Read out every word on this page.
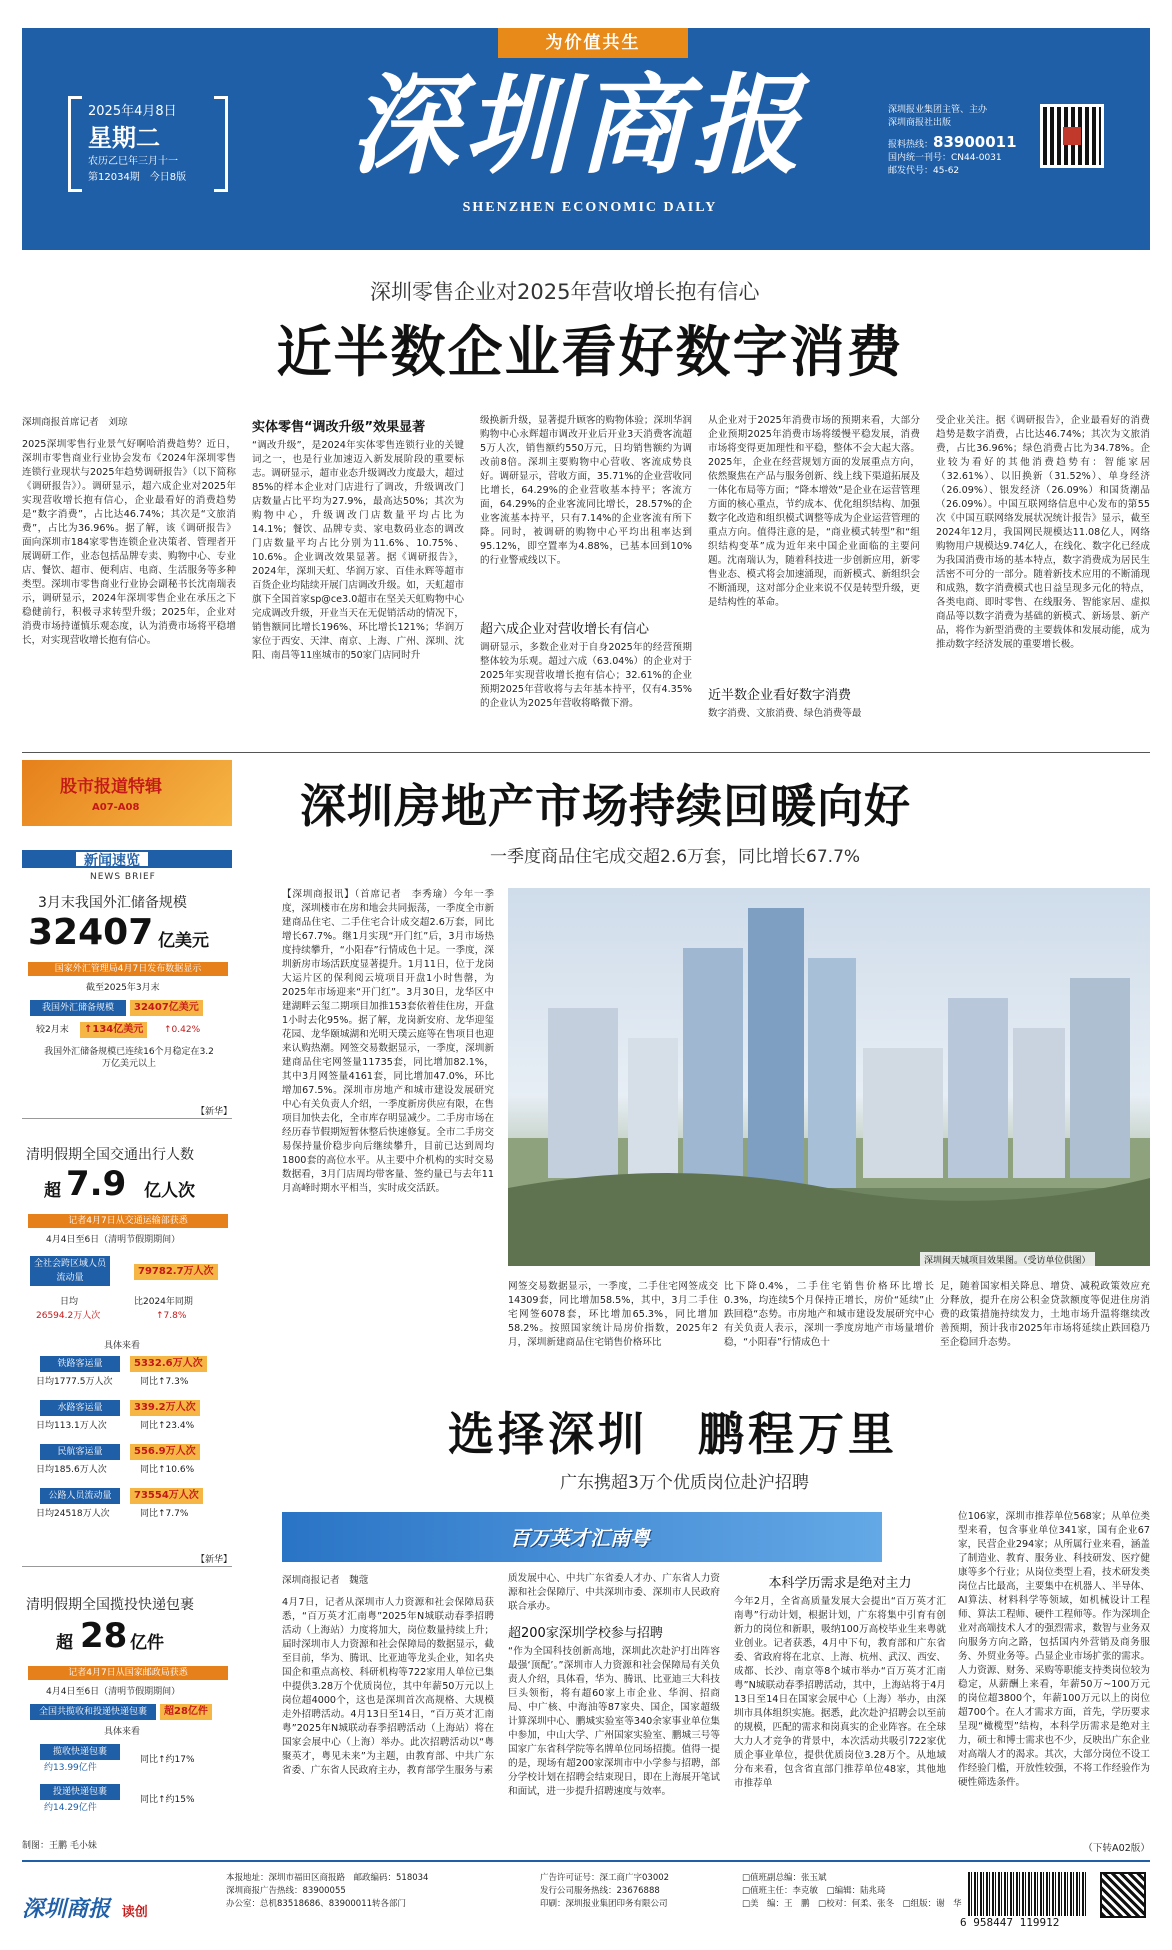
为价值共生
2025年4月8日
星期二
农历乙巳年三月十一
第12034期　今日8版 深圳商报
SHENZHEN ECONOMIC DAILY
深圳报业集团主管、主办
深圳商报社出版
报料热线：83900011
国内统一刊号：CN44-0031
邮发代号：45-62
深圳零售企业对2025年营收增长抱有信心
近半数企业看好数字消费
深圳商报首席记者　刘琼
2025深圳零售行业景气好啊哈消费趋势？近日，深圳市零售商业行业协会发布《2024年深圳零售连锁行业现状与2025年趋势调研报告》（以下简称《调研报告》）。调研显示，超六成企业对2025年实现营收增长抱有信心，企业最看好的消费趋势是“数字消费”，占比达46.74%；其次是“文旅消费”，占比为36.96%。据了解，该《调研报告》面向深圳市184家零售连锁企业决策者、管理者开展调研工作，业态包括品牌专卖、购物中心、专业店、餐饮、超市、便利店、电商、生活服务等多种类型。深圳市零售商业行业协会副秘书长沈南瑞表示，调研显示，2024年深圳零售企业在承压之下稳健前行，积极寻求转型升级；2025年，企业对消费市场持谨慎乐观态度，认为消费市场将平稳增长，对实现营收增长抱有信心。
实体零售“调改升级”效果显著
“调改升级”，是2024年实体零售连锁行业的关键词之一，也是行业加速迈入新发展阶段的重要标志。调研显示，超市业态升级调改力度最大，超过85%的样本企业对门店进行了调改，升级调改门店数量占比平均为27.9%，最高达50%；其次为购物中心，升级调改门店数量平均占比为14.1%；餐饮、品牌专卖、家电数码业态的调改门店数量平均占比分别为11.6%、10.75%、10.6%。企业调改效果显著。据《调研报告》，2024年，深圳天虹、华润万家、百佳永辉等超市百货企业均陆续开展门店调改升级。如，天虹超市旗下全国首家sp@ce3.0超市在坚关天虹购物中心完成调改升级，开业当天在无促销活动的情况下，销售额同比增长196%、环比增长121%；华润万家位于西安、天津、南京、上海、广州、深圳、沈阳、南昌等11座城市的50家门店同时升
级换新升级，显著提升顾客的购物体验；深圳华润购物中心永辉超市调改开业后开业3天消费客流超5万人次，销售额约550万元，日均销售额约为调改前8倍。深圳主要购物中心营收、客流成势良好。调研显示，营收方面，35.71%的企业营收同比增长，64.29%的企业营收基本持平；客流方面，64.29%的企业客流同比增长，28.57%的企业客流基本持平，只有7.14%的企业客流有所下降。同时，被调研的购物中心平均出租率达到95.12%，即空置率为4.88%，已基本回到10%的行业警戒线以下。
超六成企业对营收增长有信心
调研显示，多数企业对于自身2025年的经营预期整体较为乐观。超过六成（63.04%）的企业对于2025年实现营收增长抱有信心；32.61%的企业预期2025年营收将与去年基本持平，仅有4.35%的企业认为2025年营收将略微下滑。
从企业对于2025年消费市场的预期来看，大部分企业预期2025年消费市场将缓慢平稳发展，消费市场将变得更加理性和平稳，整体不会大起大落。2025年，企业在经营规划方面的发展重点方向，依然聚焦在产品与服务创新、线上线下渠道拓展及一体化布局等方面；“降本增效”是企业在运营管理方面的核心重点，节约成本、优化组织结构、加强数字化改造和组织模式调整等成为企业运营管理的重点方向。值得注意的是，“商业模式转型”和“组织结构变革”成为近年来中国企业面临的主要问题。沈南瑞认为，随着科技进一步创新应用，新零售业态、模式将会加速涌现，而新模式、新组织会不断涌现，这对部分企业来说不仅是转型升级，更是结构性的革命。
近半数企业看好数字消费
数字消费、文旅消费、绿色消费等最
受企业关注。据《调研报告》，企业最看好的消费趋势是数字消费，占比达46.74%；其次为文旅消费，占比36.96%；绿色消费占比为34.78%。企业较为看好的其他消费趋势有：智能家居（32.61%）、以旧换新（31.52%）、单身经济（26.09%）、银发经济（26.09%）和国货潮品（26.09%）。中国互联网络信息中心发布的第55次《中国互联网络发展状况统计报告》显示，截至2024年12月，我国网民规模达11.08亿人，网络购物用户规模达9.74亿人，在线化、数字化已经成为我国消费市场的基本特点，数字消费成为居民生活密不可分的一部分。随着新技术应用的不断涌现和成熟，数字消费模式也日益呈现多元化的特点，各类电商、即时零售、在线服务、智能家居、虚拟商品等以数字消费为基础的新模式、新场景、新产品，将作为新型消费的主要载体和发展动能，成为推动数字经济发展的重要增长极。
股市报道特辑
A07-A08
新闻速览
NEWS BRIEF
3月末我国外汇储备规模
32407 亿美元
国家外汇管理局4月7日发布数据显示
截至2025年3月末
我国外汇储备规模	32407亿美元
较2月末	↑134亿美元	↑0.42%
我国外汇储备规模已连续16个月稳定在3.2万亿美元以上
【新华】
清明假期全国交通出行人数
超 7.9 亿人次
记者4月7日从交通运输部获悉
4月4日至6日（清明节假期期间）
全社会跨区域人员流动量
79782.7万人次
日均	比2024年同期
26594.2万人次	↑7.8%
具体来看
铁路客运量	5332.6万人次
日均1777.5万人次	同比↑7.3%
水路客运量	339.2万人次
日均113.1万人次	同比↑23.4%
民航客运量	556.9万人次
日均185.6万人次	同比↑10.6%
公路人员流动量	73554万人次
日均24518万人次	同比↑7.7%
【新华】
清明假期全国揽投快递包裹
超 28 亿件
记者4月7日从国家邮政局获悉
4月4日至6日（清明节假期期间）
全国共揽收和投递快递包裹	超28亿件
具体来看
揽收快递包裹
约13.99亿件
同比↑约17%
投递快递包裹
约14.29亿件
同比↑约15%
制图：王鹏 毛小妹
深圳房地产市场持续回暖向好
一季度商品住宅成交超2.6万套，同比增长67.7%
【深圳商报讯】（首席记者　李秀瑜）今年一季度，深圳楼市在房和地会共同振荡，一季度全市新建商品住宅、二手住宅合计成交超2.6万套，同比增长67.7%。继1月实现“开门红”后，3月市场热度持续攀升，“小阳春”行情成色十足。一季度，深圳新房市场活跃度显著提升。1月11日，位于龙岗大运片区的保利阅云境项目开盘1小时售罄，为2025年市场迎来“开门红”。3月30日，龙华区中建湖畔云玺二期项目加推153套依着佳住房，开盘1小时去化95%。据了解，龙岗新安府、龙华迎玺花园、龙华颐城湖和光明天璞云庭等在售项目也迎来认购热潮。网签交易数据显示，一季度，深圳新建商品住宅网签量11735套，同比增加82.1%，其中3月网签量4161套，同比增加47.0%，环比增加67.5%。深圳市房地产和城市建设发展研究中心有关负责人介绍，一季度新房供应有限，在售项目加快去化，全市库存明显减少。二手房市场在经历春节假期短暂休整后快速修复。全市二手房交易保持量价稳步向后继续攀升，目前已达到周均1800套的高位水平。从主要中介机构的实时交易数据看，3月门店周均带客量、签约量已与去年11月高峰时期水平相当，实时成交活跃。
深圳闽天城项目效果图。（受访单位供图）
网签交易数据显示，一季度，二手住宅网签成交14309套，同比增加58.5%，其中，3月二手住宅网签6078套，环比增加65.3%，同比增加58.2%。按照国家统计局房价指数，2025年2月，深圳新建商品住宅销售价格环比
比下降0.4%，二手住宅销售价格环比增长0.3%，均连续5个月保持正增长，房价“延续”止跌回稳“态势。市房地产和城市建设发展研究中心有关负责人表示，深圳一季度房地产市场量增价稳，“小阳春”行情成色十
足，随着国家相关降息、增贷、减税政策效应充分释放，提升在房公积金贷款额度等促进住房消费的政策措施持续发力，土地市场升温将继续改善预期，预计我市2025年市场将延续止跌回稳乃至企稳回升态势。
选择深圳　鹏程万里
广东携超3万个优质岗位赴沪招聘
百万英才汇南粤
深圳商报记者　魏蔻
4月7日，记者从深圳市人力资源和社会保障局获悉，“百万英才汇南粤”2025年N城联动春季招聘活动（上海站）力度将加大，岗位数量持续上升；届时深圳市人力资源和社会保障局的数据显示，截至目前，华为、腾讯、比亚迪等龙头企业，知名央国企和重点高校、科研机构等722家用人单位已集中提供3.28万个优质岗位，其中年薪50万元以上岗位超4000个，这也是深圳首次高规格、大规模走外招聘活动。4月13日至14日，“百万英才汇南粤”2025年N城联动春季招聘活动（上海站）将在国家会展中心（上海）举办。此次招聘活动以“粤聚英才，粤见未来”为主题，由教育部、中共广东省委、广东省人民政府主办，教育部学生服务与素
质发展中心、中共广东省委人才办、广东省人力资源和社会保障厅、中共深圳市委、深圳市人民政府联合承办。
超200家深圳学校参与招聘
“作为全国科技创新高地，深圳此次赴沪打出阵容最强‘顶配’。”深圳市人力资源和社会保障局有关负责人介绍，具体看，华为、腾讯、比亚迪三大科技巨头领衔，将有超60家上市企业、华润、招商局、中广核、中海油等87家央、国企，国家超级计算深圳中心、鹏城实验室等340余家事业单位集中参加，中山大学、广州国家实验室、鹏城三号等国家广东省科学院等名牌单位同场招揽。值得一提的是，现场有超200家深圳市中小学参与招聘，部分学校计划在招聘会结束现日，即在上海展开笔试和面试，进一步提升招聘速度与效率。
本科学历需求是绝对主力
今年2月，全省高质量发展大会提出“百万英才汇南粤”行动计划，根据计划，广东将集中引育有创新力的岗位和新职，吸纳100万高校毕业生来粤就业创业。记者获悉，4月中下旬，教育部和广东省委、省政府将在北京、上海、杭州、武汉、西安、成都、长沙、南京等8个城市举办“百万英才汇南粤”N城联动春季招聘活动，其中，上海站将于4月13日至14日在国家会展中心（上海）举办，由深圳市具体组织实施。据悉，此次赴沪招聘会以至前的规模，匹配的需求和岗真实的企业阵容。在全球大力人才竞争的背景中，本次活动共吸引722家优质企事业单位，提供优质岗位3.28万个。从地域分布来看，包含省直部门推荐单位48家，其他地市推荐单
位106家，深圳市推荐单位568家；从单位类型来看，包含事业单位341家，国有企业67家，民营企业294家；从所属行业来看，涵盖了制造业、教育、服务业、科技研发、医疗健康等多个行业；从岗位类型上看，技术研发类岗位占比最高，主要集中在机器人、半导体、AI算法、材料科学等领域，如机械设计工程师、算法工程师、硬件工程师等。作为深圳企业对高端技术人才的强烈需求，数智与业务双向服务方向之路，包括国内外营销及商务服务、外贸业务等。凸显企业市场扩张的需求。人力资源、财务、采购等职能支持类岗位较为稳定，从薪酬上来看，年薪50万~100万元的岗位超3800个，年薪100万元以上的岗位超700个。在人才需求方面，首先，学历要求呈现“橄榄型”结构，本科学历需求是绝对主力，硕士和博士需求也不少，反映出广东企业对高端人才的渴求。其次，大部分岗位不设工作经验门槛，开放性较强，不将工作经验作为硬性筛选条件。
（下转A02版）
深圳商报 读创
本报地址：深圳市福田区商报路　邮政编码：518034
深圳商报广告热线：83900055
办公室：总机83518686、83900011转各部门
广告许可证号：深工商广字03002
发行公司服务热线：23676888
印刷：深圳报业集团印务有限公司
□值班副总编：张玉斌
□值班主任：李克敏　□编辑：陆兆琦
□美　编：王　鹏　□校对：何柔、张冬　□组版：谢　华
6 958447 119912
